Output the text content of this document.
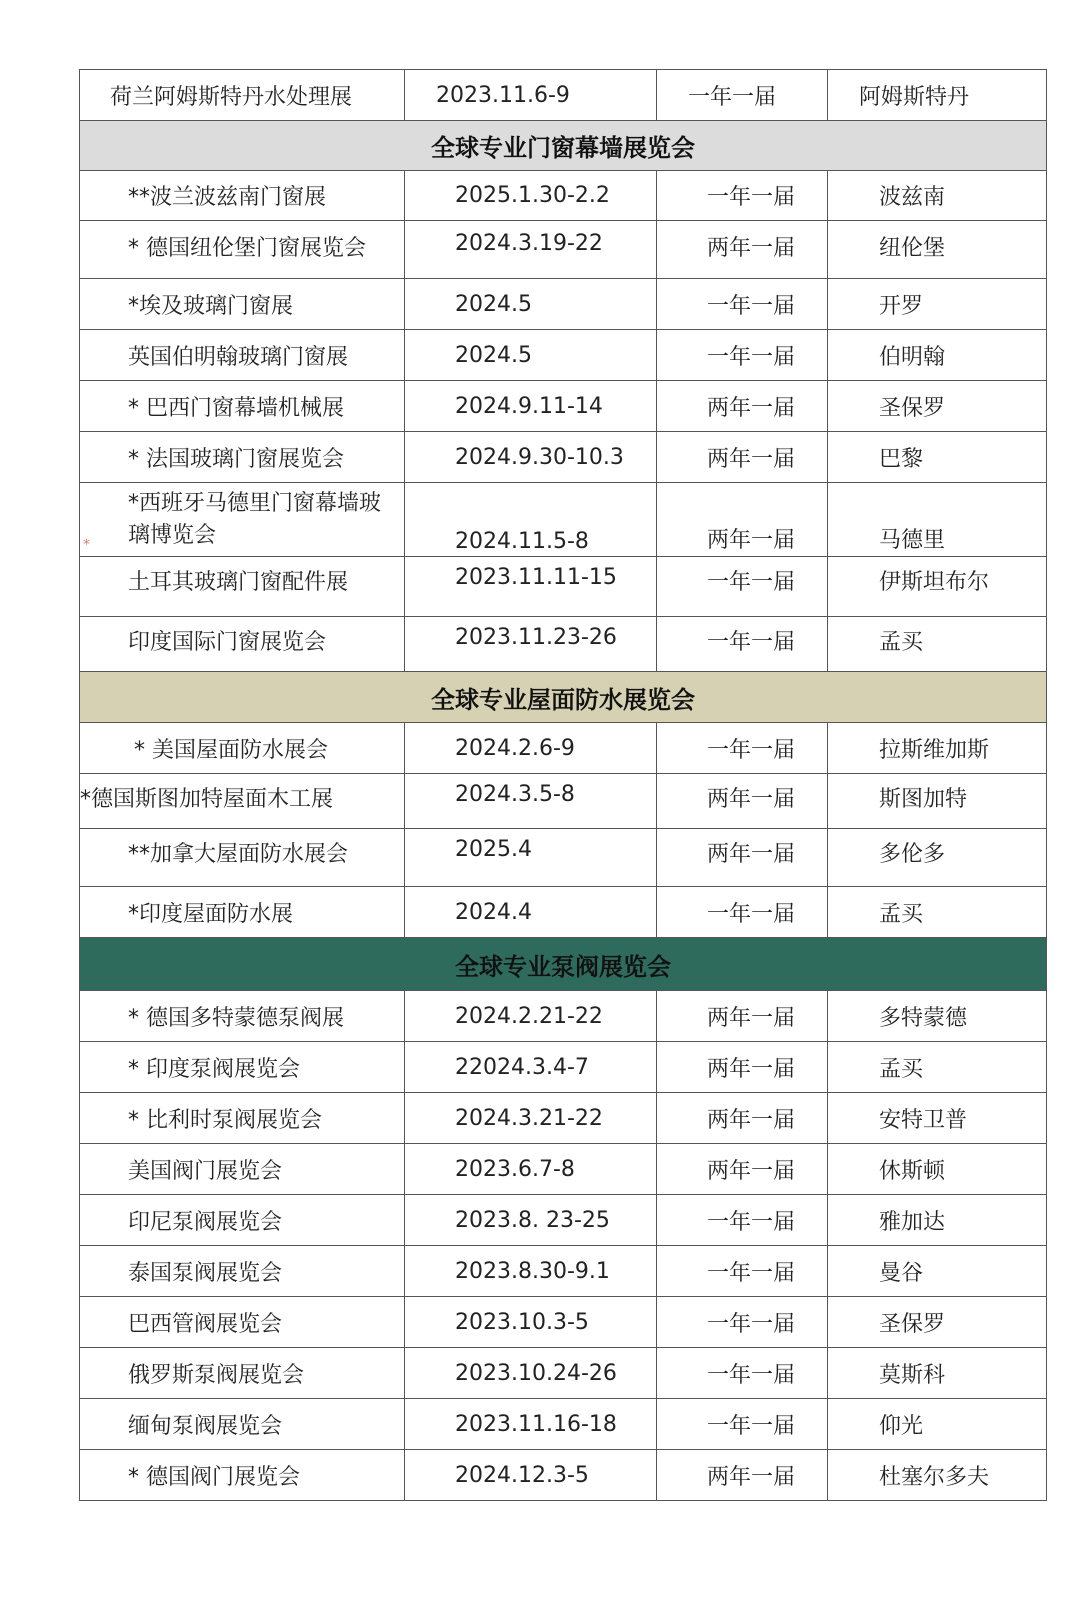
荷兰阿姆斯特丹水处理展	2023.11.6-9	一年一届	阿姆斯特丹
全球专业门窗幕墙展览会			
**波兰波兹南门窗展	2025.1.30-2.2	一年一届	波兹南
* 德国纽伦堡门窗展览会	2024.3.19-22	两年一届	纽伦堡
*埃及玻璃门窗展	2024.5	一年一届	开罗
英国伯明翰玻璃门窗展	2024.5	一年一届	伯明翰
* 巴西门窗幕墙机械展	2024.9.11-14	两年一届	圣保罗
* 法国玻璃门窗展览会	2024.9.30-10.3	两年一届	巴黎
*西班牙马德里门窗幕墙玻璃博览会	2024.11.5-8	两年一届	马德里
土耳其玻璃门窗配件展	2023.11.11-15	一年一届	伊斯坦布尔
印度国际门窗展览会	2023.11.23-26	一年一届	孟买
全球专业屋面防水展览会			
* 美国屋面防水展会	2024.2.6-9	一年一届	拉斯维加斯
*德国斯图加特屋面木工展	2024.3.5-8	两年一届	斯图加特
**加拿大屋面防水展会	2025.4	两年一届	多伦多
*印度屋面防水展	2024.4	一年一届	孟买
全球专业泵阀展览会			
* 德国多特蒙德泵阀展	2024.2.21-22	两年一届	多特蒙德
* 印度泵阀展览会	22024.3.4-7	两年一届	孟买
* 比利时泵阀展览会	2024.3.21-22	两年一届	安特卫普
美国阀门展览会	2023.6.7-8	两年一届	休斯顿
印尼泵阀展览会	2023.8. 23-25	一年一届	雅加达
泰国泵阀展览会	2023.8.30-9.1	一年一届	曼谷
巴西管阀展览会	2023.10.3-5	一年一届	圣保罗
俄罗斯泵阀展览会	2023.10.24-26	一年一届	莫斯科
缅甸泵阀展览会	2023.11.16-18	一年一届	仰光
* 德国阀门展览会	2024.12.3-5	两年一届	杜塞尔多夫
*
